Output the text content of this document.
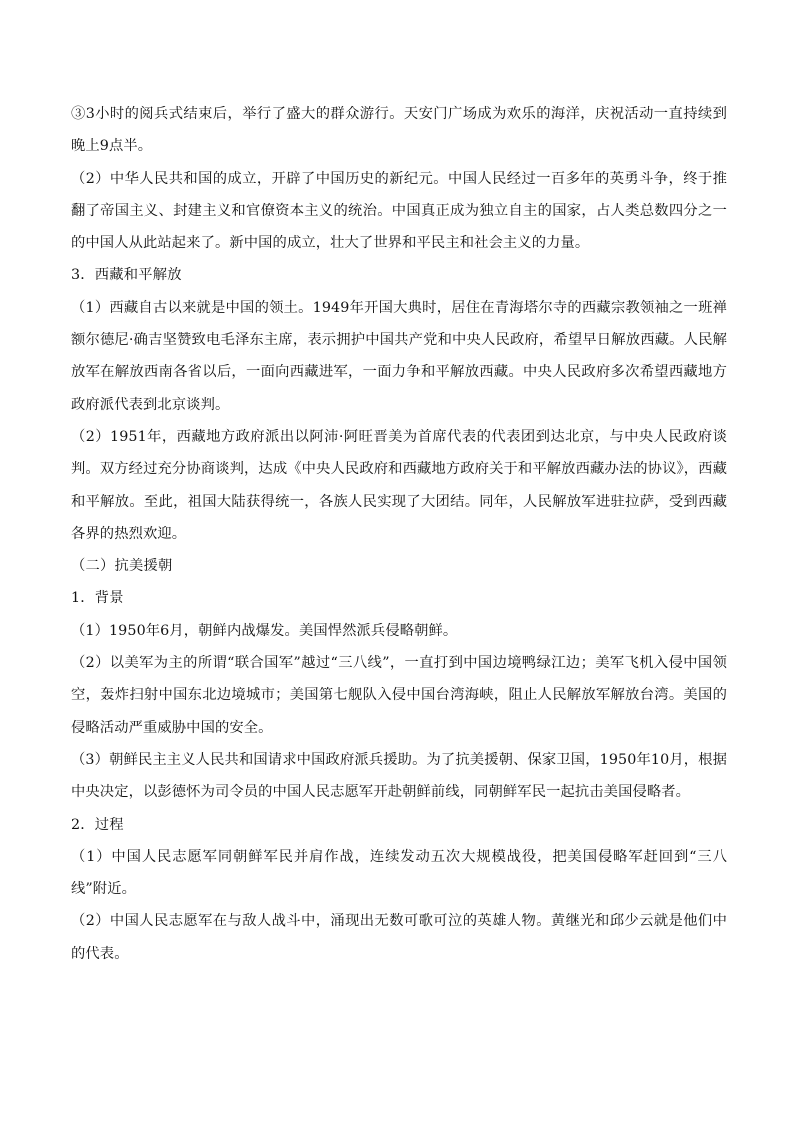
③3小时的阅兵式结束后，举行了盛大的群众游行。天安门广场成为欢乐的海洋，庆祝活动一直持续到晚上9点半。

（2）中华人民共和国的成立，开辟了中国历史的新纪元。中国人民经过一百多年的英勇斗争，终于推翻了帝国主义、封建主义和官僚资本主义的统治。中国真正成为独立自主的国家，占人类总数四分之一的中国人从此站起来了。新中国的成立，壮大了世界和平民主和社会主义的力量。

3．西藏和平解放

（1）西藏自古以来就是中国的领土。1949年开国大典时，居住在青海塔尔寺的西藏宗教领袖之一班禅额尔德尼·确吉坚赞致电毛泽东主席，表示拥护中国共产党和中央人民政府，希望早日解放西藏。人民解放军在解放西南各省以后，一面向西藏进军，一面力争和平解放西藏。中央人民政府多次希望西藏地方政府派代表到北京谈判。

（2）1951年，西藏地方政府派出以阿沛·阿旺晋美为首席代表的代表团到达北京，与中央人民政府谈判。双方经过充分协商谈判，达成《中央人民政府和西藏地方政府关于和平解放西藏办法的协议》，西藏和平解放。至此，祖国大陆获得统一，各族人民实现了大团结。同年，人民解放军进驻拉萨，受到西藏各界的热烈欢迎。

（二）抗美援朝

1．背景

（1）1950年6月，朝鲜内战爆发。美国悍然派兵侵略朝鲜。

（2）以美军为主的所谓“联合国军”越过“三八线”，一直打到中国边境鸭绿江边；美军飞机入侵中国领空，轰炸扫射中国东北边境城市；美国第七舰队入侵中国台湾海峡，阻止人民解放军解放台湾。美国的侵略活动严重威胁中国的安全。

（3）朝鲜民主主义人民共和国请求中国政府派兵援助。为了抗美援朝、保家卫国，1950年10月，根据中央决定，以彭德怀为司令员的中国人民志愿军开赴朝鲜前线，同朝鲜军民一起抗击美国侵略者。

2．过程

（1）中国人民志愿军同朝鲜军民并肩作战，连续发动五次大规模战役，把美国侵略军赶回到“三八线”附近。

（2）中国人民志愿军在与敌人战斗中，涌现出无数可歌可泣的英雄人物。黄继光和邱少云就是他们中的代表。
